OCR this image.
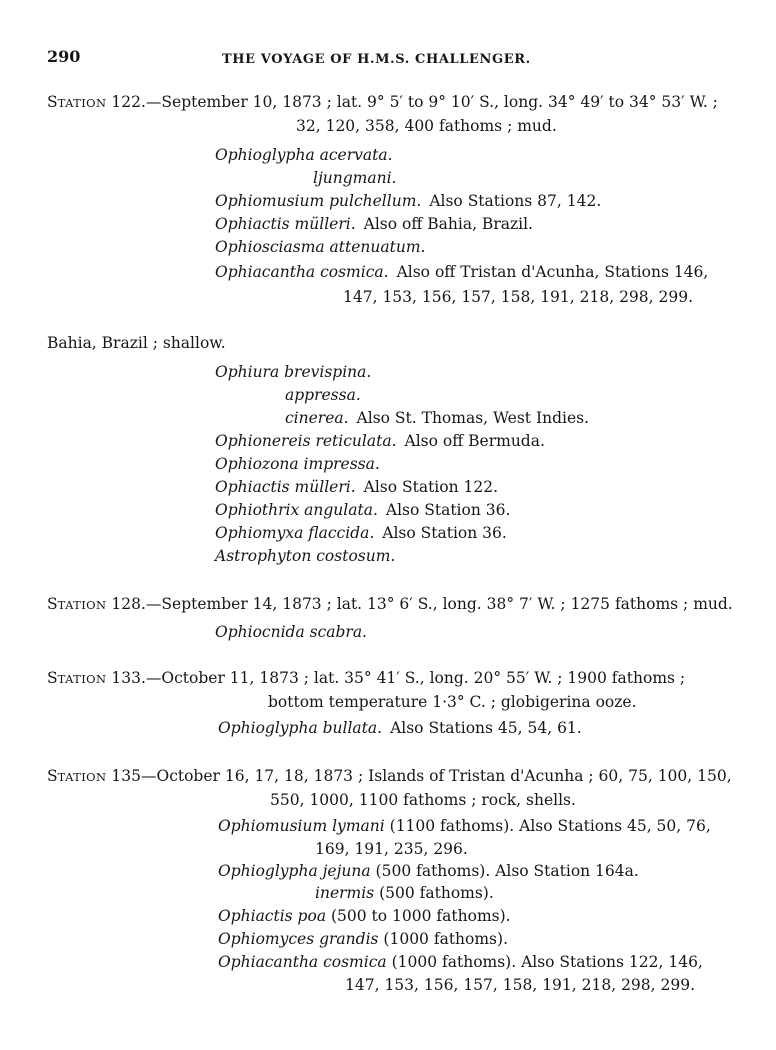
290	THE VOYAGE OF H.M.S. CHALLENGER.
STATION 122.—September 10, 1873 ; lat. 9° 5′ to 9° 10′ S., long. 34° 49′ to 34° 53′ W. ;
32, 120, 358, 400 fathoms ; mud.
Ophioglypha acervata.
ljungmani.
Ophiomusium pulchellum. Also Stations 87, 142.
Ophiactis mülleri. Also off Bahia, Brazil.
Ophiosciasma attenuatum.
Ophiacantha cosmica. Also off Tristan d'Acunha, Stations 146,
147, 153, 156, 157, 158, 191, 218, 298, 299.
Bahia, Brazil ; shallow.
Ophiura brevispina.
appressa.
cinerea. Also St. Thomas, West Indies.
Ophionereis reticulata. Also off Bermuda.
Ophiozona impressa.
Ophiactis mülleri. Also Station 122.
Ophiothrix angulata. Also Station 36.
Ophiomyxa flaccida. Also Station 36.
Astrophyton costosum.
STATION 128.—September 14, 1873 ; lat. 13° 6′ S., long. 38° 7′ W. ; 1275 fathoms ; mud.
Ophiocnida scabra.
STATION 133.—October 11, 1873 ; lat. 35° 41′ S., long. 20° 55′ W. ; 1900 fathoms ;
bottom temperature 1·3° C. ; globigerina ooze.
Ophioglypha bullata. Also Stations 45, 54, 61.
STATION 135—October 16, 17, 18, 1873 ; Islands of Tristan d'Acunha ; 60, 75, 100, 150,
550, 1000, 1100 fathoms ; rock, shells.
Ophiomusium lymani (1100 fathoms). Also Stations 45, 50, 76,
169, 191, 235, 296.
Ophioglypha jejuna (500 fathoms). Also Station 164a.
inermis (500 fathoms).
Ophiactis poa (500 to 1000 fathoms).
Ophiomyces grandis (1000 fathoms).
Ophiacantha cosmica (1000 fathoms). Also Stations 122, 146,
147, 153, 156, 157, 158, 191, 218, 298, 299.
